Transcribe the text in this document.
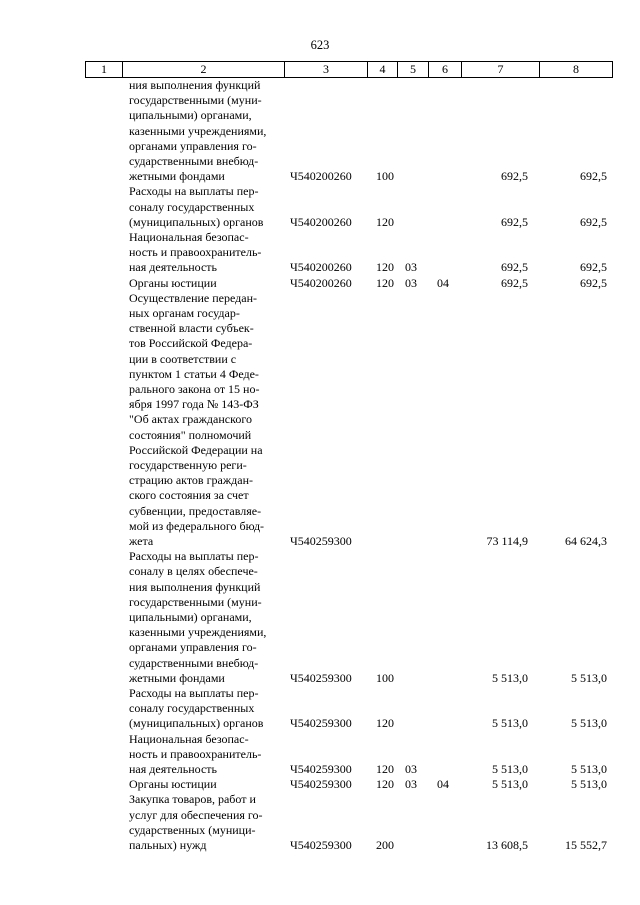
623
1	2	3	4	5	6	7	8
ния выполнения функций
государственными (муни-
ципальными) органами,
казенными учреждениями,
органами управления го-
сударственными внебюд-
жетными фондами	Ч540200260 100	692,5	692,5
Расходы на выплаты пер-
соналу государственных
(муниципальных) органов	Ч540200260 120	692,5	692,5
Национальная безопас-
ность и правоохранитель-
ная деятельность	Ч540200260 120 03	692,5	692,5
Органы юстиции	Ч540200260 120 03 04	692,5	692,5
Осуществление передан-
ных органам государ-
ственной власти субъек-
тов Российской Федера-
ции в соответствии с
пунктом 1 статьи 4 Феде-
рального закона от 15 но-
ября 1997 года № 143-ФЗ
"Об актах гражданского
состояния" полномочий
Российской Федерации на
государственную реги-
страцию актов граждан-
ского состояния за счет
субвенции, предоставляе-
мой из федерального бюд-
жета	Ч540259300	73 114,9	64 624,3
Расходы на выплаты пер-
соналу в целях обеспече-
ния выполнения функций
государственными (муни-
ципальными) органами,
казенными учреждениями,
органами управления го-
сударственными внебюд-
жетными фондами	Ч540259300 100	5 513,0	5 513,0
Расходы на выплаты пер-
соналу государственных
(муниципальных) органов	Ч540259300 120	5 513,0	5 513,0
Национальная безопас-
ность и правоохранитель-
ная деятельность	Ч540259300 120 03	5 513,0	5 513,0
Органы юстиции	Ч540259300 120 03 04	5 513,0	5 513,0
Закупка товаров, работ и
услуг для обеспечения го-
сударственных (муници-
пальных) нужд	Ч540259300 200	13 608,5	15 552,7
